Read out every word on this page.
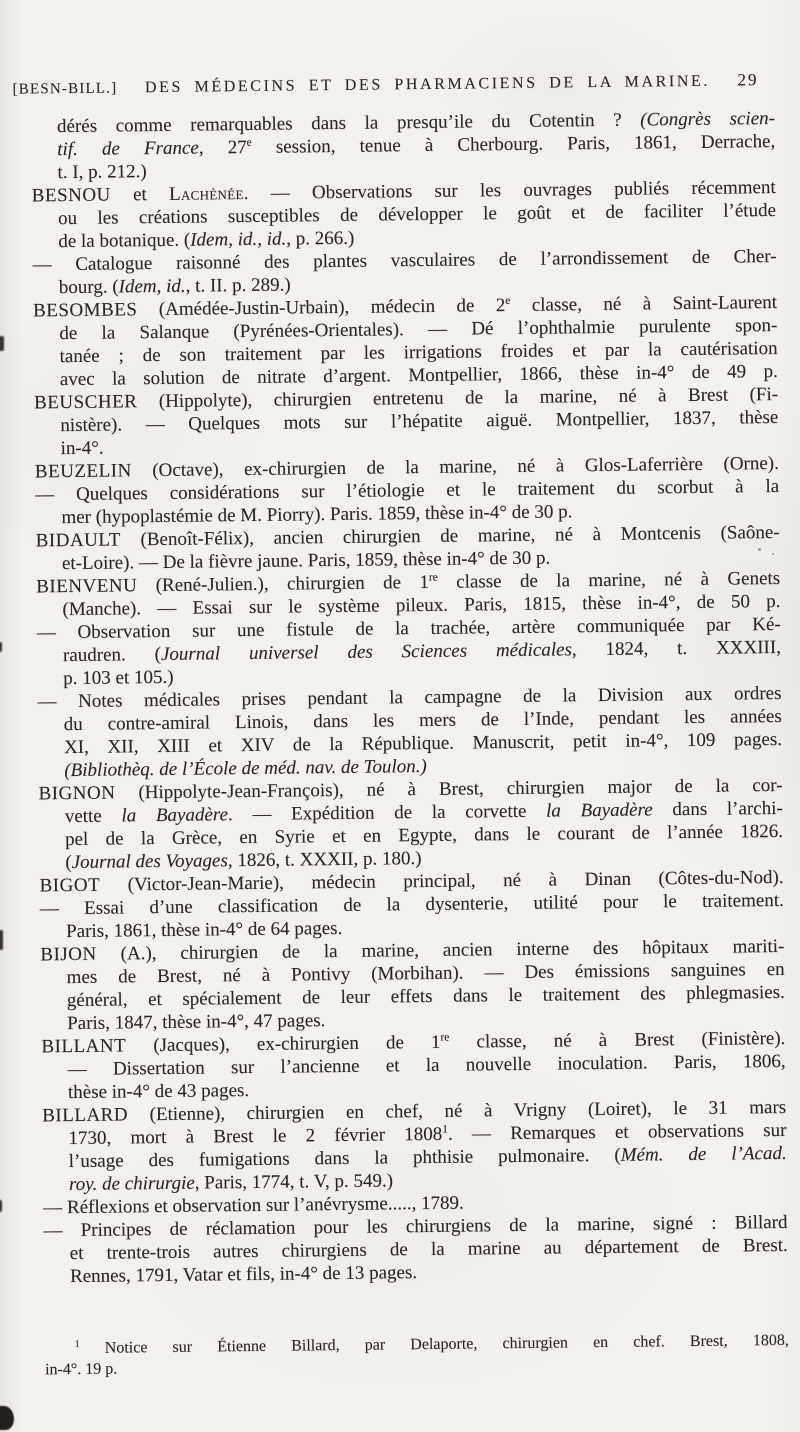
[BESN-BILL.]	DES MÉDECINS ET DES PHARMACIENS DE LA MARINE.	29
dérés comme remarquables dans la presqu’ile du Cotentin ? (Congrès scien-
tif. de France, 27e session, tenue à Cherbourg. Paris, 1861, Derrache,
t. I, p. 212.)
BESNOU et Lachènée. — Observations sur les ouvrages publiés récemment
ou les créations susceptibles de développer le goût et de faciliter l’étude
de la botanique. (Idem, id., id., p. 266.)
— Catalogue raisonné des plantes vasculaires de l’arrondissement de Cher-
bourg. (Idem, id., t. II. p. 289.)
BESOMBES (Amédée-Justin-Urbain), médecin de 2e classe, né à Saint-Laurent
de la Salanque (Pyrénées-Orientales). — Dé l’ophthalmie purulente spon-
tanée ; de son traitement par les irrigations froides et par la cautérisation
avec la solution de nitrate d’argent. Montpellier, 1866, thèse in-4° de 49 p.
BEUSCHER (Hippolyte), chirurgien entretenu de la marine, né à Brest (Fi-
nistère). — Quelques mots sur l’hépatite aiguë. Montpellier, 1837, thèse
in-4°.
BEUZELIN (Octave), ex-chirurgien de la marine, né à Glos-Laferrière (Orne).
— Quelques considérations sur l’étiologie et le traitement du scorbut à la
mer (hypoplastémie de M. Piorry). Paris. 1859, thèse in-4° de 30 p.
BIDAULT (Benoît-Félix), ancien chirurgien de marine, né à Montcenis (Saône-
et-Loire). — De la fièvre jaune. Paris, 1859, thèse in-4° de 30 p.
BIENVENU (René-Julien.), chirurgien de 1re classe de la marine, né à Genets
(Manche). — Essai sur le système pileux. Paris, 1815, thèse in-4°, de 50 p.
— Observation sur une fistule de la trachée, artère communiquée par Ké-
raudren. (Journal universel des Sciences médicales, 1824, t. XXXIII,
p. 103 et 105.)
— Notes médicales prises pendant la campagne de la Division aux ordres
du contre-amiral Linois, dans les mers de l’Inde, pendant les années
XI, XII, XIII et XIV de la République. Manuscrit, petit in-4°, 109 pages.
(Bibliothèq. de l’École de méd. nav. de Toulon.)
BIGNON (Hippolyte-Jean-François), né à Brest, chirurgien major de la cor-
vette la Bayadère. — Expédition de la corvette la Bayadère dans l’archi-
pel de la Grèce, en Syrie et en Egypte, dans le courant de l’année 1826.
(Journal des Voyages, 1826, t. XXXII, p. 180.)
BIGOT (Victor-Jean-Marie), médecin principal, né à Dinan (Côtes-du-Nod).
— Essai d’une classification de la dysenterie, utilité pour le traitement.
Paris, 1861, thèse in-4° de 64 pages.
BIJON (A.), chirurgien de la marine, ancien interne des hôpitaux mariti-
mes de Brest, né à Pontivy (Morbihan). — Des émissions sanguines en
général, et spécialement de leur effets dans le traitement des phlegmasies.
Paris, 1847, thèse in-4°, 47 pages.
BILLANT (Jacques), ex-chirurgien de 1re classe, né à Brest (Finistère).
— Dissertation sur l’ancienne et la nouvelle inoculation. Paris, 1806,
thèse in-4° de 43 pages.
BILLARD (Etienne), chirurgien en chef, né à Vrigny (Loiret), le 31 mars
1730, mort à Brest le 2 février 1808$^1$. — Remarques et observations sur
l’usage des fumigations dans la phthisie pulmonaire. (Mém. de l’Acad.
roy. de chirurgie, Paris, 1774, t. V, p. 549.)
— Réflexions et observation sur l’anévrysme....., 1789.
— Principes de réclamation pour les chirurgiens de la marine, signé : Billard
et trente-trois autres chirurgiens de la marine au département de Brest.
Rennes, 1791, Vatar et fils, in-4° de 13 pages.
$^1$ Notice sur Étienne Billard, par Delaporte, chirurgien en chef. Brest, 1808,
in-4°. 19 p.
